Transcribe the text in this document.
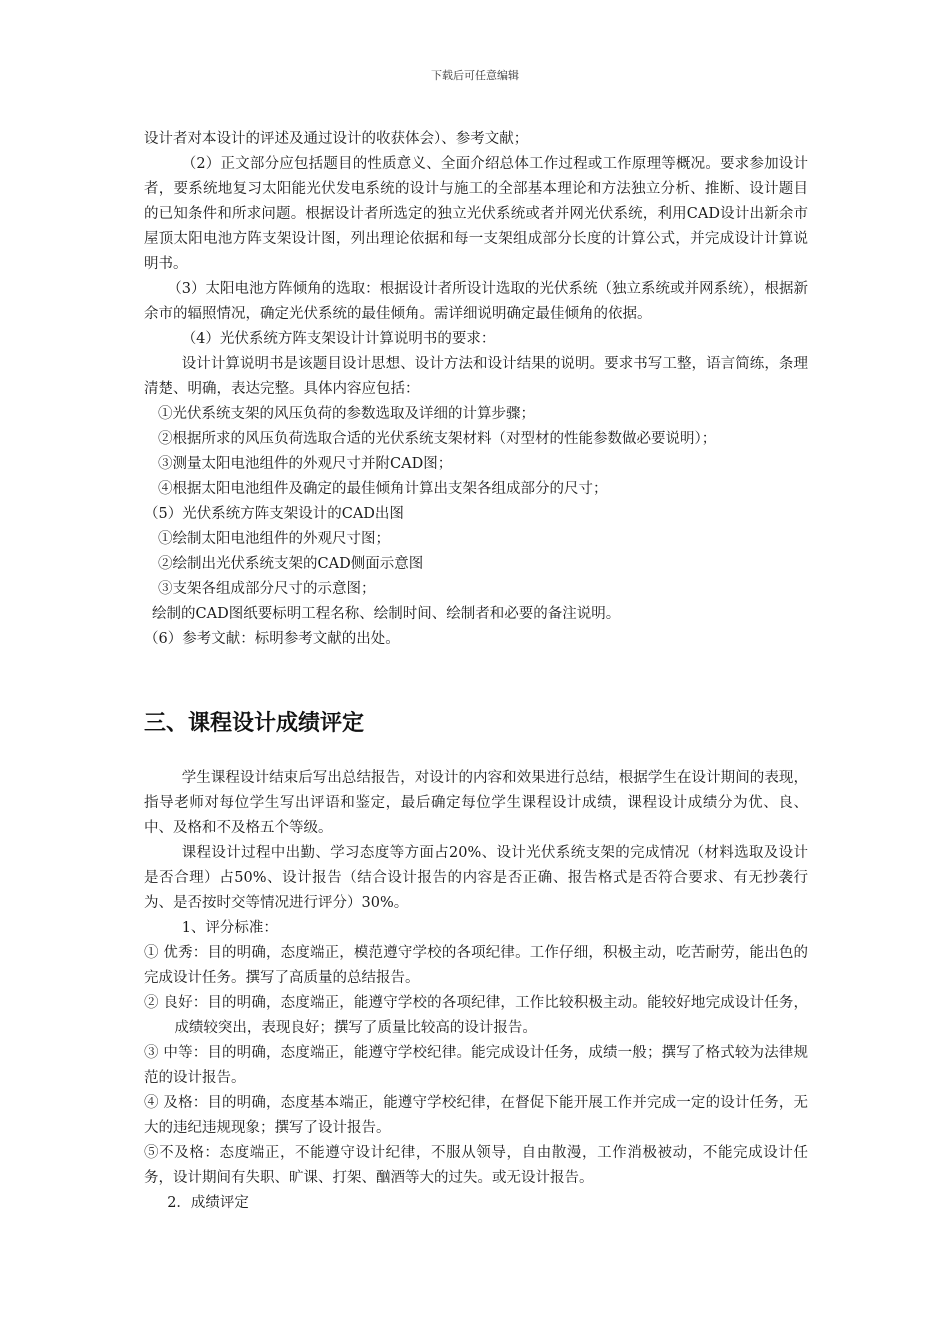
下载后可任意编辑

设计者对本设计的评述及通过设计的收获体会）、参考文献；

（2）正文部分应包括题目的性质意义、全面介绍总体工作过程或工作原理等概况。要求参加设计者，要系统地复习太阳能光伏发电系统的设计与施工的全部基本理论和方法独立分析、推断、设计题目的已知条件和所求问题。根据设计者所选定的独立光伏系统或者并网光伏系统，利用CAD设计出新余市屋顶太阳电池方阵支架设计图，列出理论依据和每一支架组成部分长度的计算公式，并完成设计计算说明书。

（3）太阳电池方阵倾角的选取：根据设计者所设计选取的光伏系统（独立系统或并网系统），根据新余市的辐照情况，确定光伏系统的最佳倾角。需详细说明确定最佳倾角的依据。

（4）光伏系统方阵支架设计计算说明书的要求：

设计计算说明书是该题目设计思想、设计方法和设计结果的说明。要求书写工整，语言简练，条理清楚、明确，表达完整。具体内容应包括：

①光伏系统支架的风压负荷的参数选取及详细的计算步骤；

②根据所求的风压负荷选取合适的光伏系统支架材料（对型材的性能参数做必要说明）；

③测量太阳电池组件的外观尺寸并附CAD图；

④根据太阳电池组件及确定的最佳倾角计算出支架各组成部分的尺寸；

（5）光伏系统方阵支架设计的CAD出图

①绘制太阳电池组件的外观尺寸图；

②绘制出光伏系统支架的CAD侧面示意图

③支架各组成部分尺寸的示意图；

绘制的CAD图纸要标明工程名称、绘制时间、绘制者和必要的备注说明。

（6）参考文献：标明参考文献的出处。

三、课程设计成绩评定

学生课程设计结束后写出总结报告，对设计的内容和效果进行总结，根据学生在设计期间的表现，指导老师对每位学生写出评语和鉴定，最后确定每位学生课程设计成绩，课程设计成绩分为优、良、中、及格和不及格五个等级。

课程设计过程中出勤、学习态度等方面占20%、设计光伏系统支架的完成情况（材料选取及设计是否合理）占50%、设计报告（结合设计报告的内容是否正确、报告格式是否符合要求、有无抄袭行为、是否按时交等情况进行评分）30%。

1、评分标准：

① 优秀：目的明确，态度端正，模范遵守学校的各项纪律。工作仔细，积极主动，吃苦耐劳，能出色的完成设计任务。撰写了高质量的总结报告。

② 良好：目的明确，态度端正，能遵守学校的各项纪律，工作比较积极主动。能较好地完成设计任务，成绩较突出，表现良好；撰写了质量比较高的设计报告。

③ 中等：目的明确，态度端正，能遵守学校纪律。能完成设计任务，成绩一般；撰写了格式较为法律规范的设计报告。

④ 及格：目的明确，态度基本端正，能遵守学校纪律，在督促下能开展工作并完成一定的设计任务，无大的违纪违规现象；撰写了设计报告。

⑤不及格：态度端正，不能遵守设计纪律，不服从领导，自由散漫，工作消极被动，不能完成设计任务，设计期间有失职、旷课、打架、酗酒等大的过失。或无设计报告。

2．成绩评定
